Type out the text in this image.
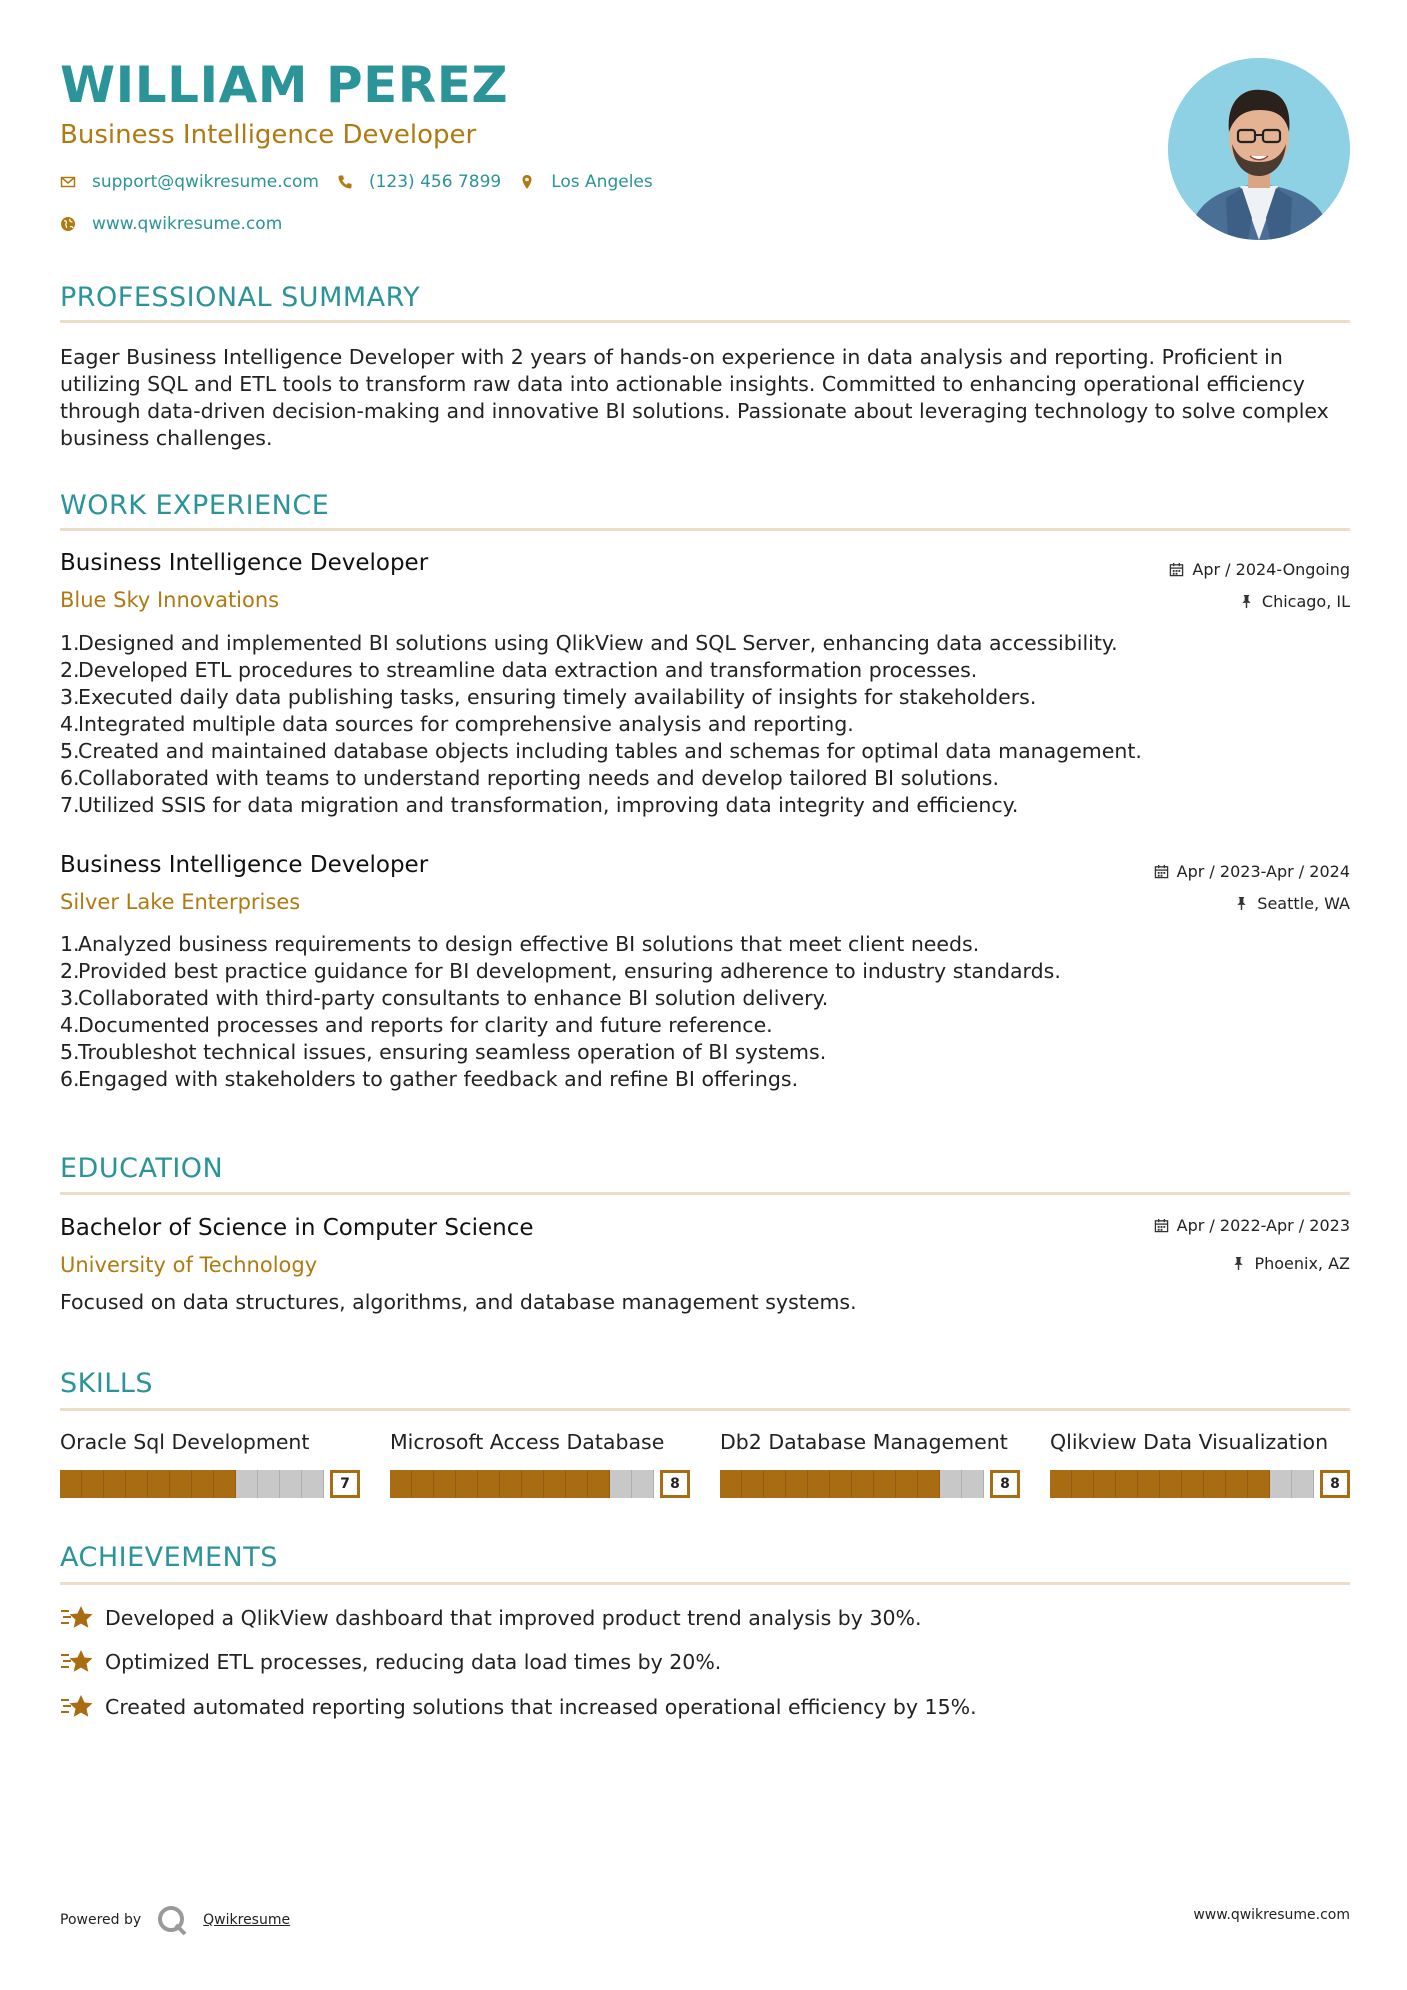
WILLIAM PEREZ
Business Intelligence Developer
support@qwikresume.com	(123) 456 7899	Los Angeles
www.qwikresume.com
PROFESSIONAL SUMMARY
Eager Business Intelligence Developer with 2 years of hands-on experience in data analysis and reporting. Proficient in utilizing SQL and ETL tools to transform raw data into actionable insights. Committed to enhancing operational efficiency through data-driven decision-making and innovative BI solutions. Passionate about leveraging technology to solve complex business challenges.
WORK EXPERIENCE
Business Intelligence Developer
Blue Sky Innovations
Apr / 2024-Ongoing
Chicago, IL
1.
Designed and implemented BI solutions using QlikView and SQL Server, enhancing data accessibility.
2.
Developed ETL procedures to streamline data extraction and transformation processes.
3.
Executed daily data publishing tasks, ensuring timely availability of insights for stakeholders.
4.
Integrated multiple data sources for comprehensive analysis and reporting.
5.
Created and maintained database objects including tables and schemas for optimal data management.
6.
Collaborated with teams to understand reporting needs and develop tailored BI solutions.
7.
Utilized SSIS for data migration and transformation, improving data integrity and efficiency.
Business Intelligence Developer
Silver Lake Enterprises
Apr / 2023-Apr / 2024
Seattle, WA
1.
Analyzed business requirements to design effective BI solutions that meet client needs.
2.
Provided best practice guidance for BI development, ensuring adherence to industry standards.
3.
Collaborated with third-party consultants to enhance BI solution delivery.
4.
Documented processes and reports for clarity and future reference.
5.
Troubleshot technical issues, ensuring seamless operation of BI systems.
6.
Engaged with stakeholders to gather feedback and refine BI offerings.
EDUCATION
Bachelor of Science in Computer Science
University of Technology
Apr / 2022-Apr / 2023
Phoenix, AZ
Focused on data structures, algorithms, and database management systems.
SKILLS
Oracle Sql Development
7
Microsoft Access Database
8
Db2 Database Management
8
Qlikview Data Visualization
8
ACHIEVEMENTS
Developed a QlikView dashboard that improved product trend analysis by 30%.
Optimized ETL processes, reducing data load times by 20%.
Created automated reporting solutions that increased operational efficiency by 15%.
Powered by	Qwikresume	www.qwikresume.com
